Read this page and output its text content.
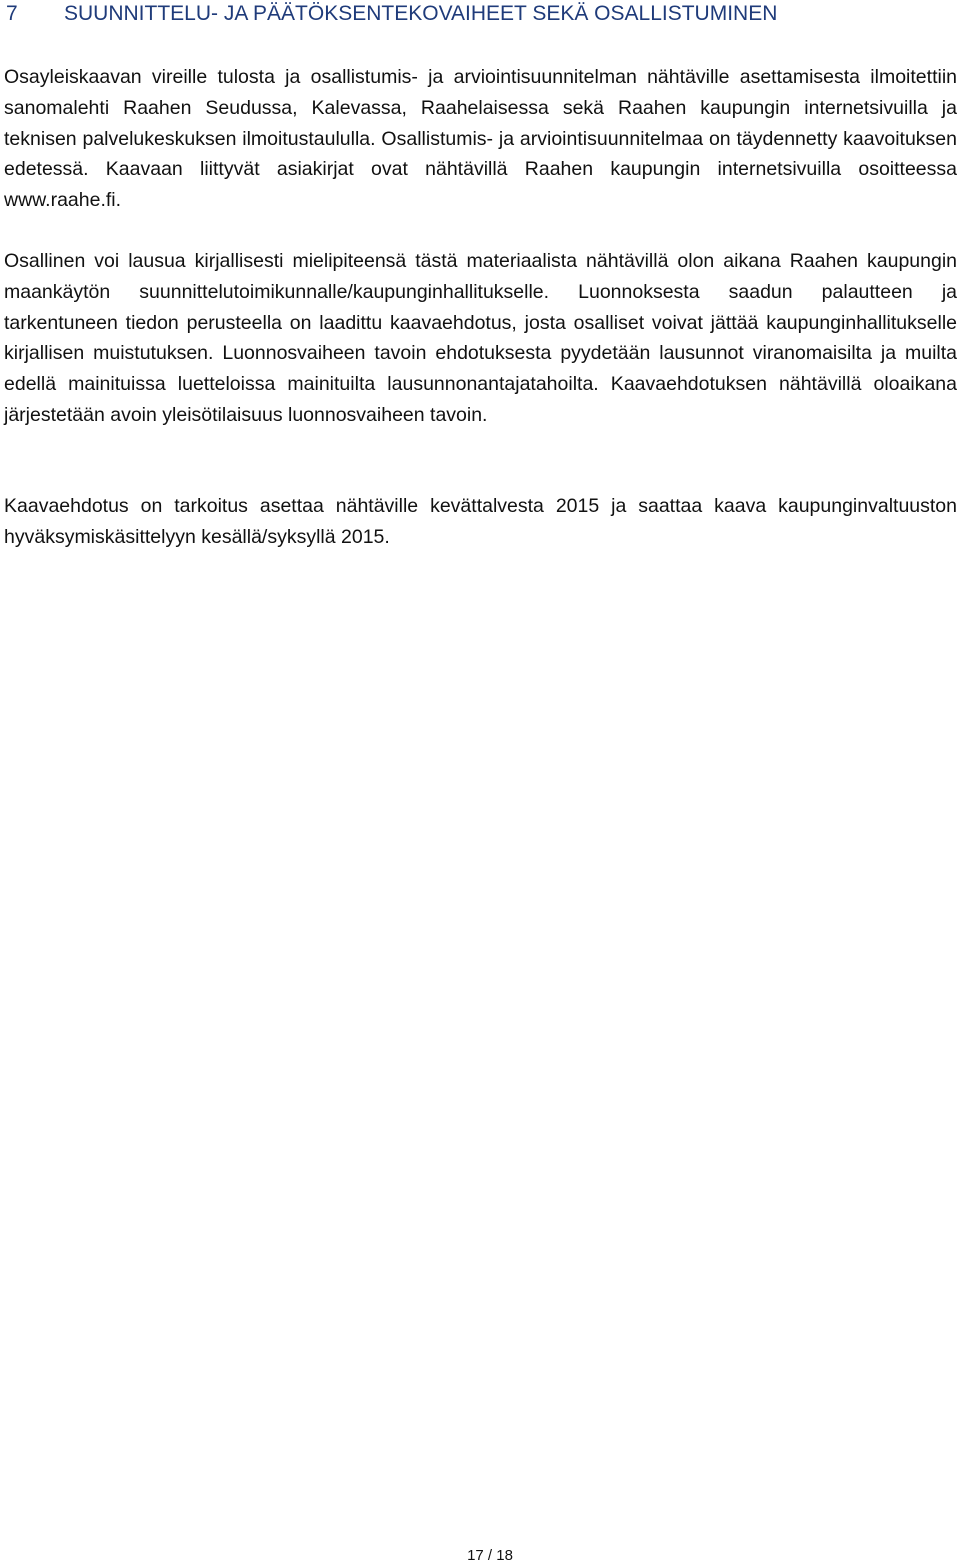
7 SUUNNITTELU- JA PÄÄTÖKSENTEKOVAIHEET SEKÄ OSALLISTUMINEN

Osayleiskaavan vireille tulosta ja osallistumis- ja arviointisuunnitelman nähtäville asettamisesta ilmoitettiin sanomalehti Raahen Seudussa, Kalevassa, Raahelaisessa sekä Raahen kaupungin internetsivuilla ja teknisen palvelukeskuksen ilmoitustaululla. Osallistumis- ja arviointisuunnitelmaa on täydennetty kaavoituksen edetessä. Kaavaan liittyvät asiakirjat ovat nähtävillä Raahen kaupungin internetsivuilla osoitteessa www.raahe.fi.

Osallinen voi lausua kirjallisesti mielipiteensä tästä materiaalista nähtävillä olon aikana Raahen kaupungin maankäytön suunnittelutoimikunnalle/kaupunginhallitukselle. Luonnoksesta saadun palautteen ja tarkentuneen tiedon perusteella on laadittu kaavaehdotus, josta osalliset voivat jättää kaupunginhallitukselle kirjallisen muistutuksen. Luonnosvaiheen tavoin ehdotuksesta pyydetään lausunnot viranomaisilta ja muilta edellä mainituissa luetteloissa mainituilta lausunnonantajatahoilta. Kaavaehdotuksen nähtävillä oloaikana järjestetään avoin yleisötilaisuus luonnosvaiheen tavoin.

Kaavaehdotus on tarkoitus asettaa nähtäville kevättalvesta 2015 ja saattaa kaava kaupunginvaltuuston hyväksymiskäsittelyyn kesällä/syksyllä 2015.

17 / 18
